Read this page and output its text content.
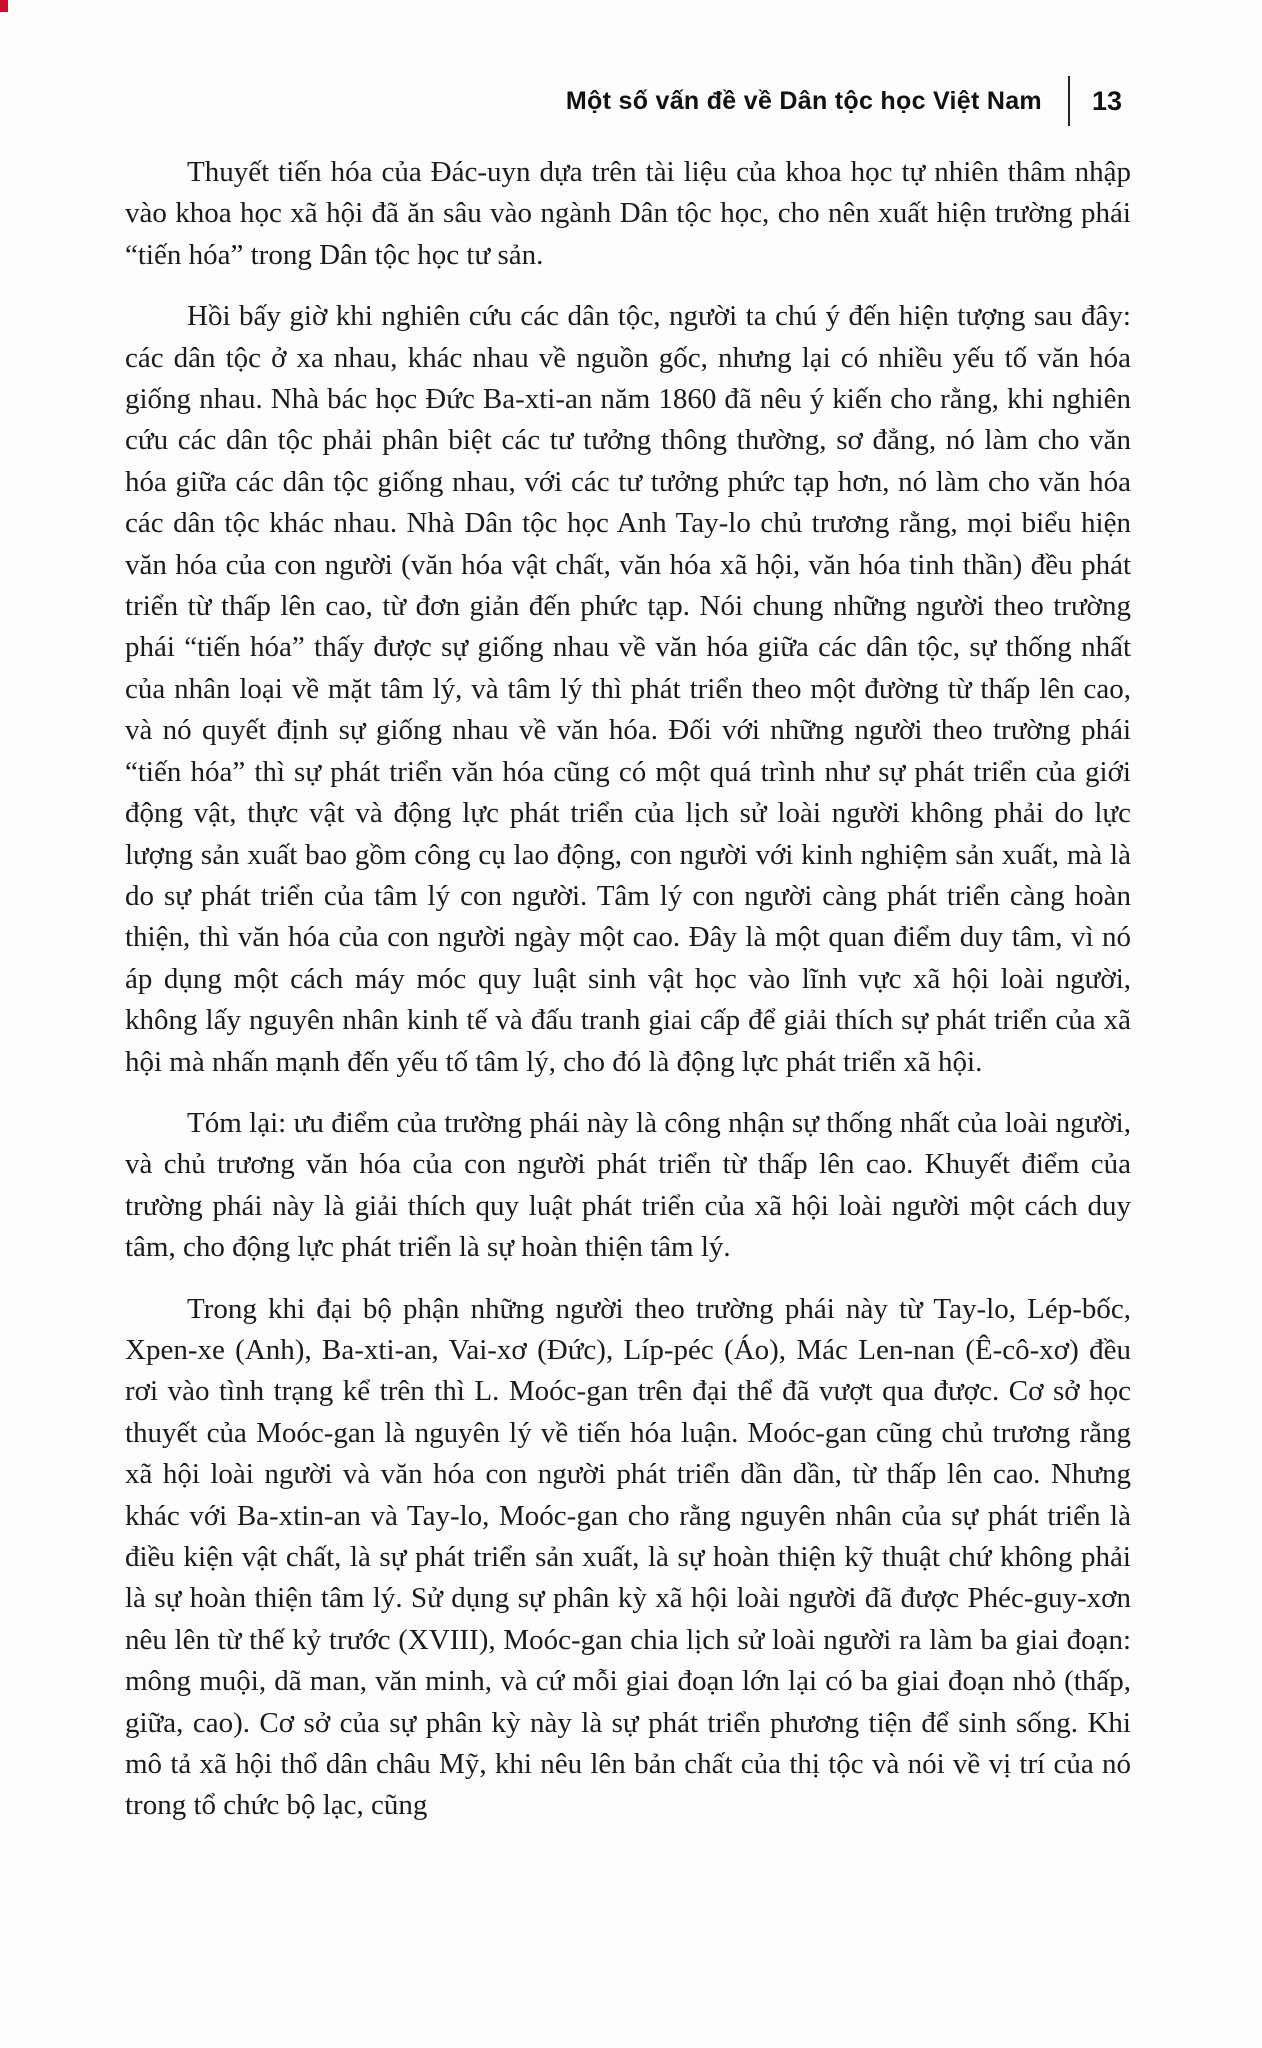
Một số vấn đề về Dân tộc học Việt Nam 13

Thuyết tiến hóa của Đác-uyn dựa trên tài liệu của khoa học tự nhiên thâm nhập vào khoa học xã hội đã ăn sâu vào ngành Dân tộc học, cho nên xuất hiện trường phái “tiến hóa” trong Dân tộc học tư sản.

Hồi bấy giờ khi nghiên cứu các dân tộc, người ta chú ý đến hiện tượng sau đây: các dân tộc ở xa nhau, khác nhau về nguồn gốc, nhưng lại có nhiều yếu tố văn hóa giống nhau. Nhà bác học Đức Ba-xti-an năm 1860 đã nêu ý kiến cho rằng, khi nghiên cứu các dân tộc phải phân biệt các tư tưởng thông thường, sơ đẳng, nó làm cho văn hóa giữa các dân tộc giống nhau, với các tư tưởng phức tạp hơn, nó làm cho văn hóa các dân tộc khác nhau. Nhà Dân tộc học Anh Tay-lo chủ trương rằng, mọi biểu hiện văn hóa của con người (văn hóa vật chất, văn hóa xã hội, văn hóa tinh thần) đều phát triển từ thấp lên cao, từ đơn giản đến phức tạp. Nói chung những người theo trường phái “tiến hóa” thấy được sự giống nhau về văn hóa giữa các dân tộc, sự thống nhất của nhân loại về mặt tâm lý, và tâm lý thì phát triển theo một đường từ thấp lên cao, và nó quyết định sự giống nhau về văn hóa. Đối với những người theo trường phái “tiến hóa” thì sự phát triển văn hóa cũng có một quá trình như sự phát triển của giới động vật, thực vật và động lực phát triển của lịch sử loài người không phải do lực lượng sản xuất bao gồm công cụ lao động, con người với kinh nghiệm sản xuất, mà là do sự phát triển của tâm lý con người. Tâm lý con người càng phát triển càng hoàn thiện, thì văn hóa của con người ngày một cao. Đây là một quan điểm duy tâm, vì nó áp dụng một cách máy móc quy luật sinh vật học vào lĩnh vực xã hội loài người, không lấy nguyên nhân kinh tế và đấu tranh giai cấp để giải thích sự phát triển của xã hội mà nhấn mạnh đến yếu tố tâm lý, cho đó là động lực phát triển xã hội.

Tóm lại: ưu điểm của trường phái này là công nhận sự thống nhất của loài người, và chủ trương văn hóa của con người phát triển từ thấp lên cao. Khuyết điểm của trường phái này là giải thích quy luật phát triển của xã hội loài người một cách duy tâm, cho động lực phát triển là sự hoàn thiện tâm lý.

Trong khi đại bộ phận những người theo trường phái này từ Tay-lo, Lép-bốc, Xpen-xe (Anh), Ba-xti-an, Vai-xơ (Đức), Líp-péc (Áo), Mác Len-nan (Ê-cô-xơ) đều rơi vào tình trạng kể trên thì L. Moóc-gan trên đại thể đã vượt qua được. Cơ sở học thuyết của Moóc-gan là nguyên lý về tiến hóa luận. Moóc-gan cũng chủ trương rằng xã hội loài người và văn hóa con người phát triển dần dần, từ thấp lên cao. Nhưng khác với Ba-xtin-an và Tay-lo, Moóc-gan cho rằng nguyên nhân của sự phát triển là điều kiện vật chất, là sự phát triển sản xuất, là sự hoàn thiện kỹ thuật chứ không phải là sự hoàn thiện tâm lý. Sử dụng sự phân kỳ xã hội loài người đã được Phéc-guy-xơn nêu lên từ thế kỷ trước (XVIII), Moóc-gan chia lịch sử loài người ra làm ba giai đoạn: mông muội, dã man, văn minh, và cứ mỗi giai đoạn lớn lại có ba giai đoạn nhỏ (thấp, giữa, cao). Cơ sở của sự phân kỳ này là sự phát triển phương tiện để sinh sống. Khi mô tả xã hội thổ dân châu Mỹ, khi nêu lên bản chất của thị tộc và nói về vị trí của nó trong tổ chức bộ lạc, cũng
